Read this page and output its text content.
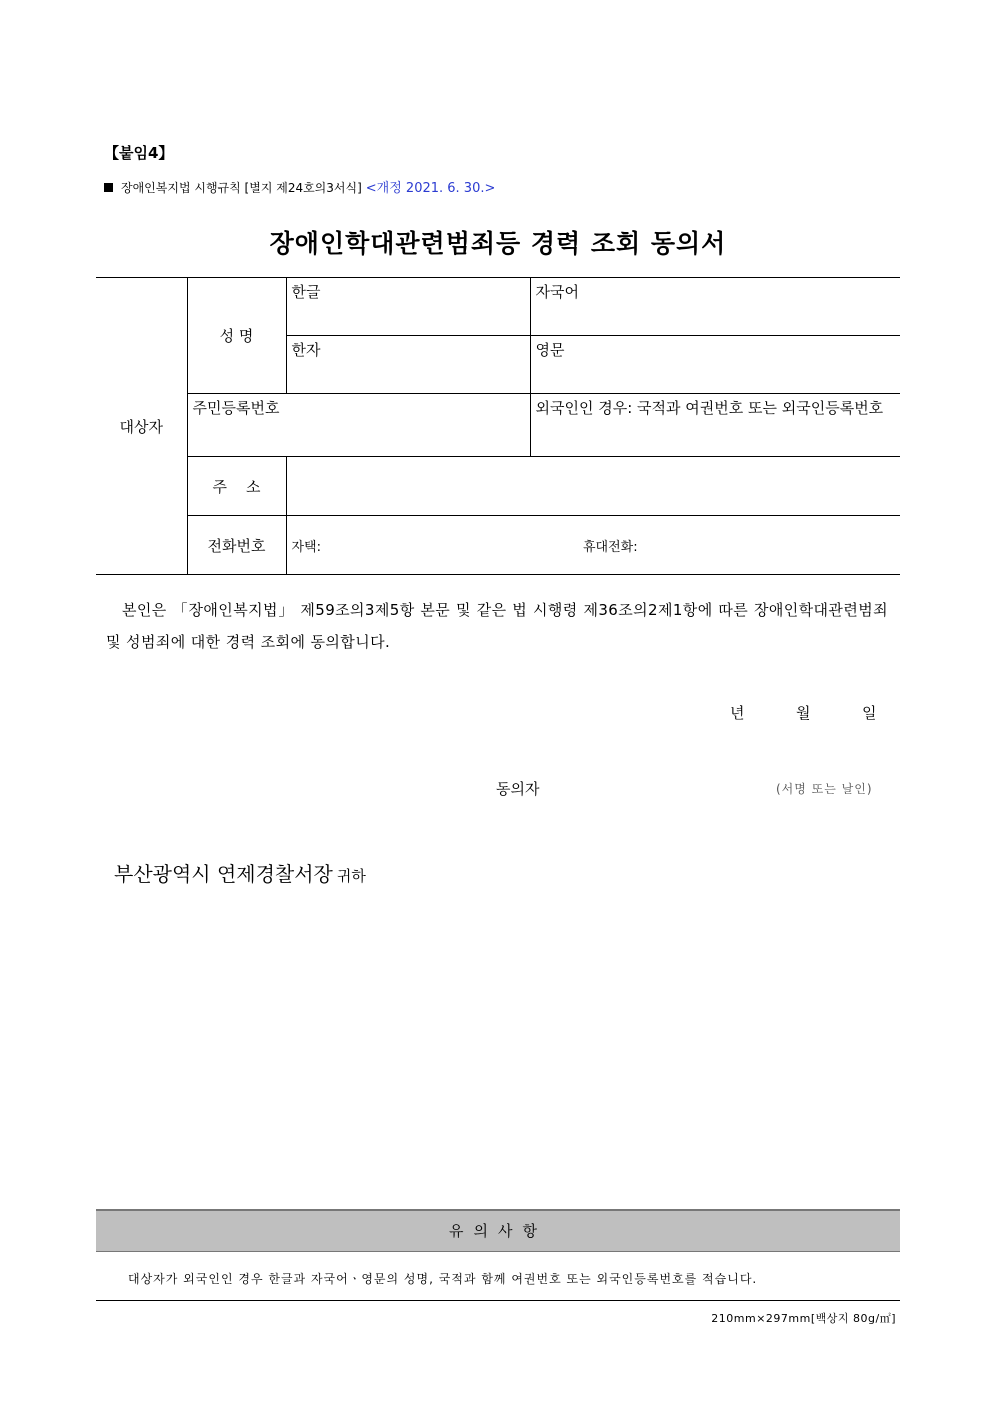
【붙임4】
장애인복지법 시행규칙 [별지 제24호의3서식] <개정 2021. 6. 30.>
장애인학대관련범죄등 경력 조회 동의서
대상자	성 명	한글	자국어
		한자	영문
	주민등록번호		외국인인 경우: 국적과 여권번호 또는 외국인등록번호
	주    소		
	전화번호	자택:	휴대전화:
본인은 「장애인복지법」 제59조의3제5항 본문 및 같은 법 시행령 제36조의2제1항에 따른 장애인학대관련범죄 및 성범죄에 대한 경력 조회에 동의합니다.
년	월	일
동의자	(서명 또는 날인)
부산광역시 연제경찰서장 귀하
유의사항
대상자가 외국인인 경우 한글과 자국어ㆍ영문의 성명, 국적과 함께 여권번호 또는 외국인등록번호를 적습니다.
210mm×297mm[백상지 80g/㎡]
